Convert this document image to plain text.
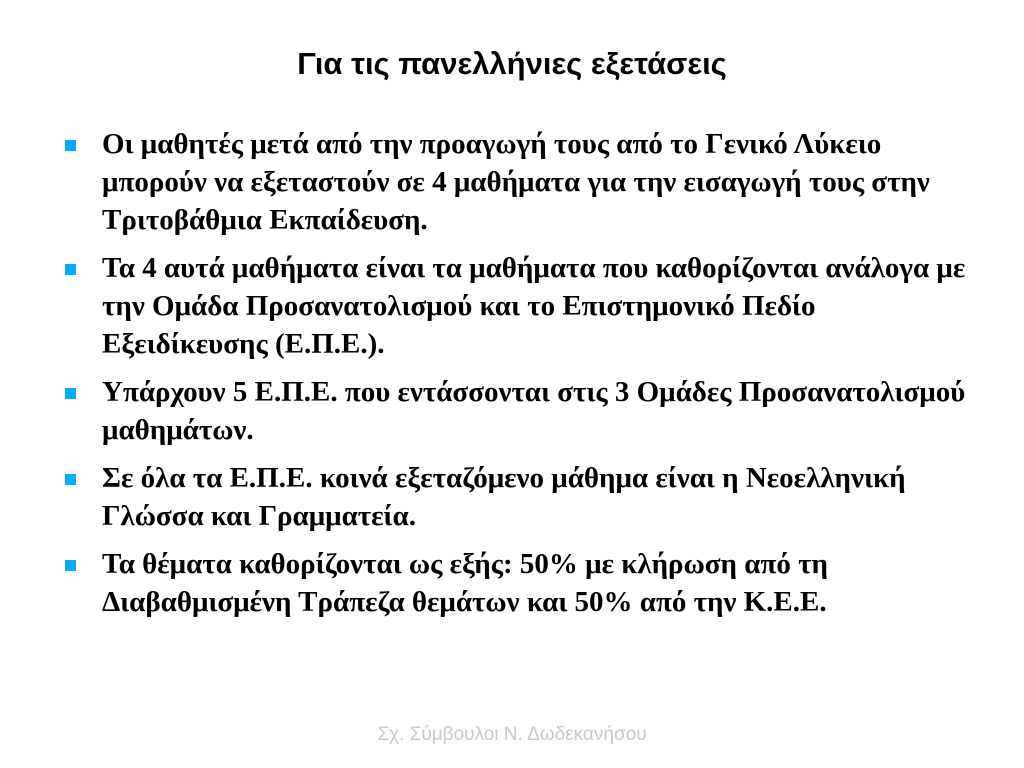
Για τις πανελλήνιες εξετάσεις
Οι μαθητές μετά από την προαγωγή τους από το Γενικό Λύκειο μπορούν να εξεταστούν σε 4 μαθήματα για την εισαγωγή τους στην Τριτοβάθμια Εκπαίδευση.
Τα 4 αυτά μαθήματα είναι τα μαθήματα που καθορίζονται ανάλογα με την Ομάδα Προσανατολισμού και το Επιστημονικό Πεδίο Εξειδίκευσης (Ε.Π.Ε.).
Υπάρχουν 5 Ε.Π.Ε. που εντάσσονται στις 3 Ομάδες Προσανατολισμού μαθημάτων.
Σε όλα τα Ε.Π.Ε. κοινά εξεταζόμενο μάθημα είναι η Νεοελληνική Γλώσσα και Γραμματεία.
Τα θέματα καθορίζονται ως εξής: 50% με κλήρωση από τη Διαβαθμισμένη Τράπεζα θεμάτων και 50% από την Κ.Ε.Ε.
Σχ. Σύμβουλοι Ν. Δωδεκανήσου
